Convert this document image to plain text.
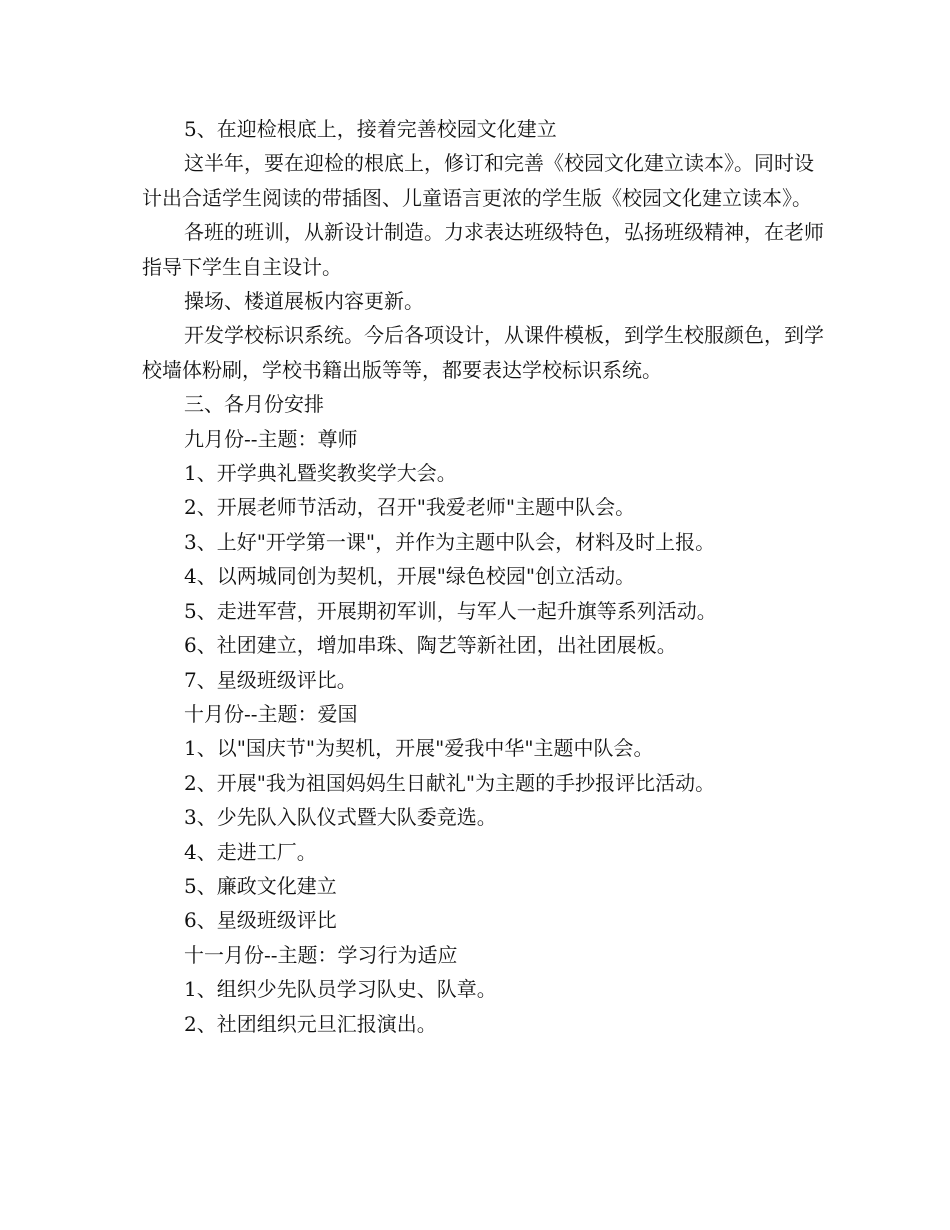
5、在迎检根底上，接着完善校园文化建立

这半年，要在迎检的根底上，修订和完善《校园文化建立读本》。同时设计出合适学生阅读的带插图、儿童语言更浓的学生版《校园文化建立读本》。

各班的班训，从新设计制造。力求表达班级特色，弘扬班级精神，在老师指导下学生自主设计。

操场、楼道展板内容更新。

开发学校标识系统。今后各项设计，从课件模板，到学生校服颜色，到学校墙体粉刷，学校书籍出版等等，都要表达学校标识系统。

三、各月份安排

九月份--主题：尊师

1、开学典礼暨奖教奖学大会。

2、开展老师节活动，召开"我爱老师"主题中队会。

3、上好"开学第一课"，并作为主题中队会，材料及时上报。

4、以两城同创为契机，开展"绿色校园"创立活动。

5、走进军营，开展期初军训，与军人一起升旗等系列活动。

6、社团建立，增加串珠、陶艺等新社团，出社团展板。

7、星级班级评比。

十月份--主题：爱国

1、以"国庆节"为契机，开展"爱我中华"主题中队会。

2、开展"我为祖国妈妈生日献礼"为主题的手抄报评比活动。

3、少先队入队仪式暨大队委竞选。

4、走进工厂。

5、廉政文化建立

6、星级班级评比

十一月份--主题：学习行为适应

1、组织少先队员学习队史、队章。

2、社团组织元旦汇报演出。
